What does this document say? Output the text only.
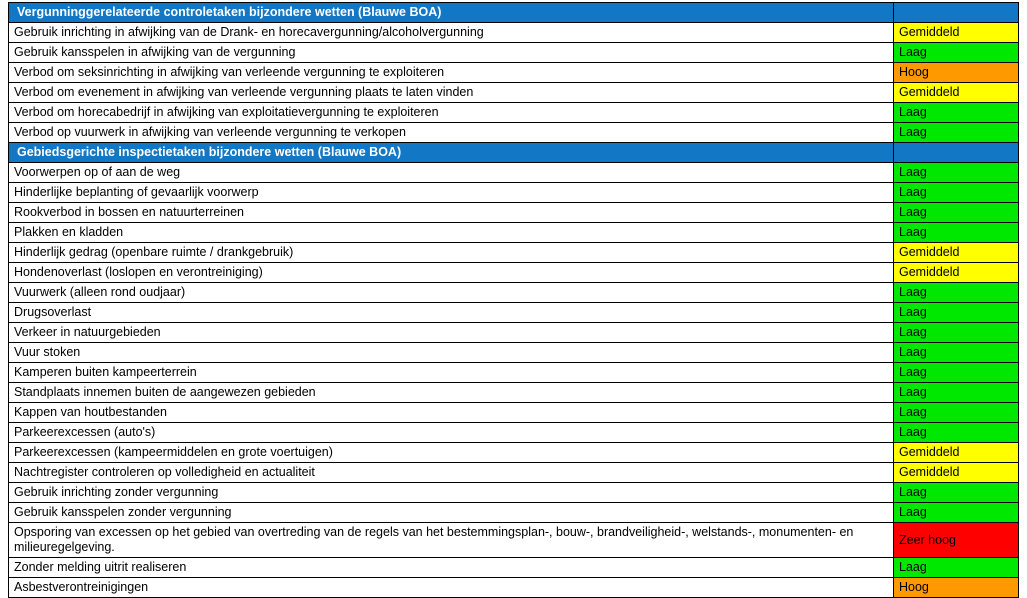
Vergunninggerelateerde controletaken bijzondere wetten (Blauwe BOA)	
Gebruik inrichting in afwijking van de Drank- en horecavergunning/alcoholvergunning	Gemiddeld
Gebruik kansspelen in afwijking van de vergunning	Laag
Verbod om seksinrichting in afwijking van verleende vergunning te exploiteren	Hoog
Verbod om evenement in afwijking van verleende vergunning plaats te laten vinden	Gemiddeld
Verbod om horecabedrijf in afwijking van exploitatievergunning te exploiteren	Laag
Verbod op vuurwerk in afwijking van verleende vergunning te verkopen	Laag
Gebiedsgerichte inspectietaken bijzondere wetten (Blauwe BOA)	
Voorwerpen op of aan de weg	Laag
Hinderlijke beplanting of gevaarlijk voorwerp	Laag
Rookverbod in bossen en natuurterreinen	Laag
Plakken en kladden	Laag
Hinderlijk gedrag (openbare ruimte / drankgebruik)	Gemiddeld
Hondenoverlast (loslopen en verontreiniging)	Gemiddeld
Vuurwerk (alleen rond oudjaar)	Laag
Drugsoverlast	Laag
Verkeer in natuurgebieden	Laag
Vuur stoken	Laag
Kamperen buiten kampeerterrein	Laag
Standplaats innemen buiten de aangewezen gebieden	Laag
Kappen van houtbestanden	Laag
Parkeerexcessen (auto's)	Laag
Parkeerexcessen (kampeermiddelen en grote voertuigen)	Gemiddeld
Nachtregister controleren op volledigheid en actualiteit	Gemiddeld
Gebruik inrichting zonder vergunning	Laag
Gebruik kansspelen zonder vergunning	Laag
Opsporing van excessen op het gebied van overtreding van de regels van het bestemmingsplan-, bouw-, brandveiligheid-, welstands-, monumenten- en milieuregelgeving.	Zeer hoog
Zonder melding uitrit realiseren	Laag
Asbestverontreinigingen	Hoog
